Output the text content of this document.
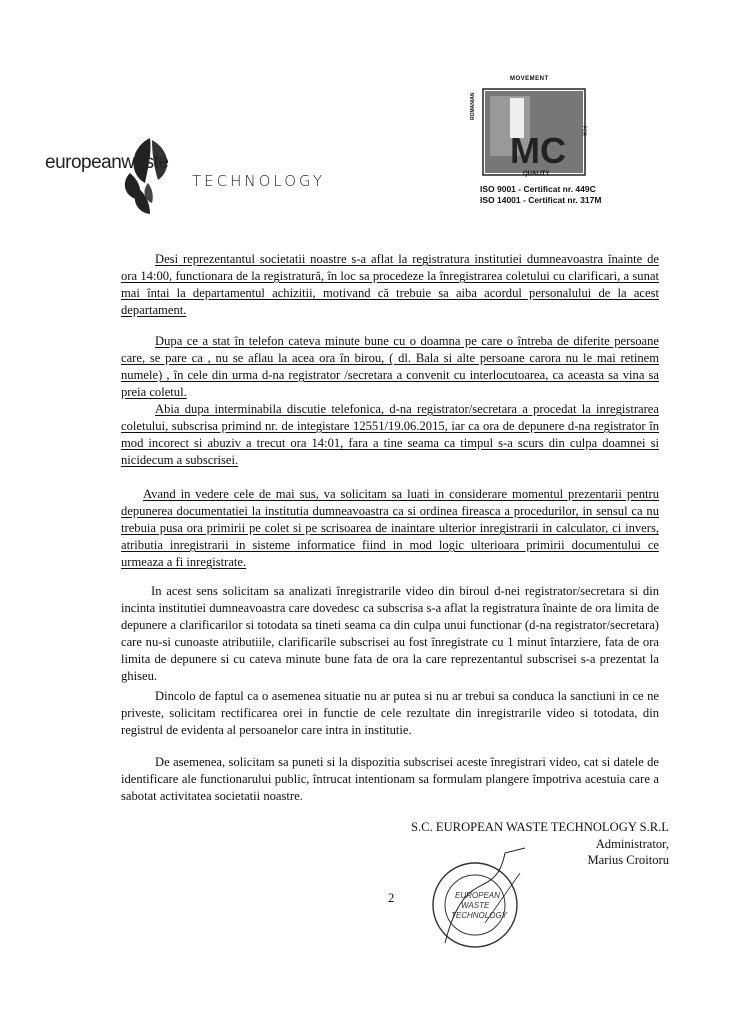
europeanwaste
TECHNOLOGY
MC
MOVEMENT
QUALITY
ROMANIAN
FOR
ISO 9001 - Certificat nr. 449C
ISO 14001 - Certificat nr. 317M
Desi reprezentantul societatii noastre s-a aflat la registratura institutiei dumneavoastra înainte de ora 14:00, functionara de la registratură, în loc sa procedeze la înregistrarea coletului cu clarificari, a sunat mai întai la departamentul achizitii, motivand că trebuie sa aiba acordul personalului de la acest departament.
Dupa ce a stat în telefon cateva minute bune cu o doamna pe care o întreba de diferite persoane care, se pare ca , nu se aflau la acea ora în birou, ( dl. Bala si alte persoane carora nu le mai retinem numele) , în cele din urma d-na registrator /secretara a convenit cu interlocutoarea, ca aceasta sa vina sa preia coletul.
Abia dupa interminabila discutie telefonica, d-na registrator/secretara a procedat la inregistrarea coletului, subscrisa primind nr. de integistare 12551/19.06.2015, iar ca ora de depunere d-na registrator în mod incorect si abuziv a trecut ora 14:01, fara a tine seama ca timpul s-a scurs din culpa doamnei si nicidecum a subscrisei.
Avand in vedere cele de mai sus, va solicitam sa luati in considerare momentul prezentarii pentru depunerea documentatiei la institutia dumneavoastra ca si ordinea fireasca a procedurilor, in sensul ca nu trebuia pusa ora primirii pe colet si pe scrisoarea de inaintare ulterior inregistrarii in calculator, ci invers, atributia inregistrarii in sisteme informatice fiind in mod logic ulterioara primirii documentului ce urmeaza a fi inregistrate.
In acest sens solicitam sa analizati înregistrarile video din biroul d-nei registrator/secretara si din incinta institutiei dumneavoastra care dovedesc ca subscrisa s-a aflat la registratura înainte de ora limita de depunere a clarificarilor si totodata sa tineti seama ca din culpa unui functionar (d-na registrator/secretara) care nu-si cunoaste atributiile, clarificarile subscrisei au fost înregistrate cu 1 minut întarziere, fata de ora limita de depunere si cu cateva minute bune fata de ora la care reprezentantul subscrisei s-a prezentat la ghiseu.
Dincolo de faptul ca o asemenea situatie nu ar putea si nu ar trebui sa conduca la sanctiuni in ce ne priveste, solicitam rectificarea orei in functie de cele rezultate din inregistrarile video si totodata, din registrul de evidenta al persoanelor care intra in institutie.
De asemenea, solicitam sa puneti si la dispozitia subscrisei aceste înregistrari video, cat si datele de identificare ale functionarului public, întrucat intentionam sa formulam plangere împotriva acestuia care a sabotat activitatea societatii noastre.
S.C. EUROPEAN WASTE TECHNOLOGY S.R.L
Administrator,
Marius Croitoru
2	EUROPEAN
WASTE
TECHNOLOGY
